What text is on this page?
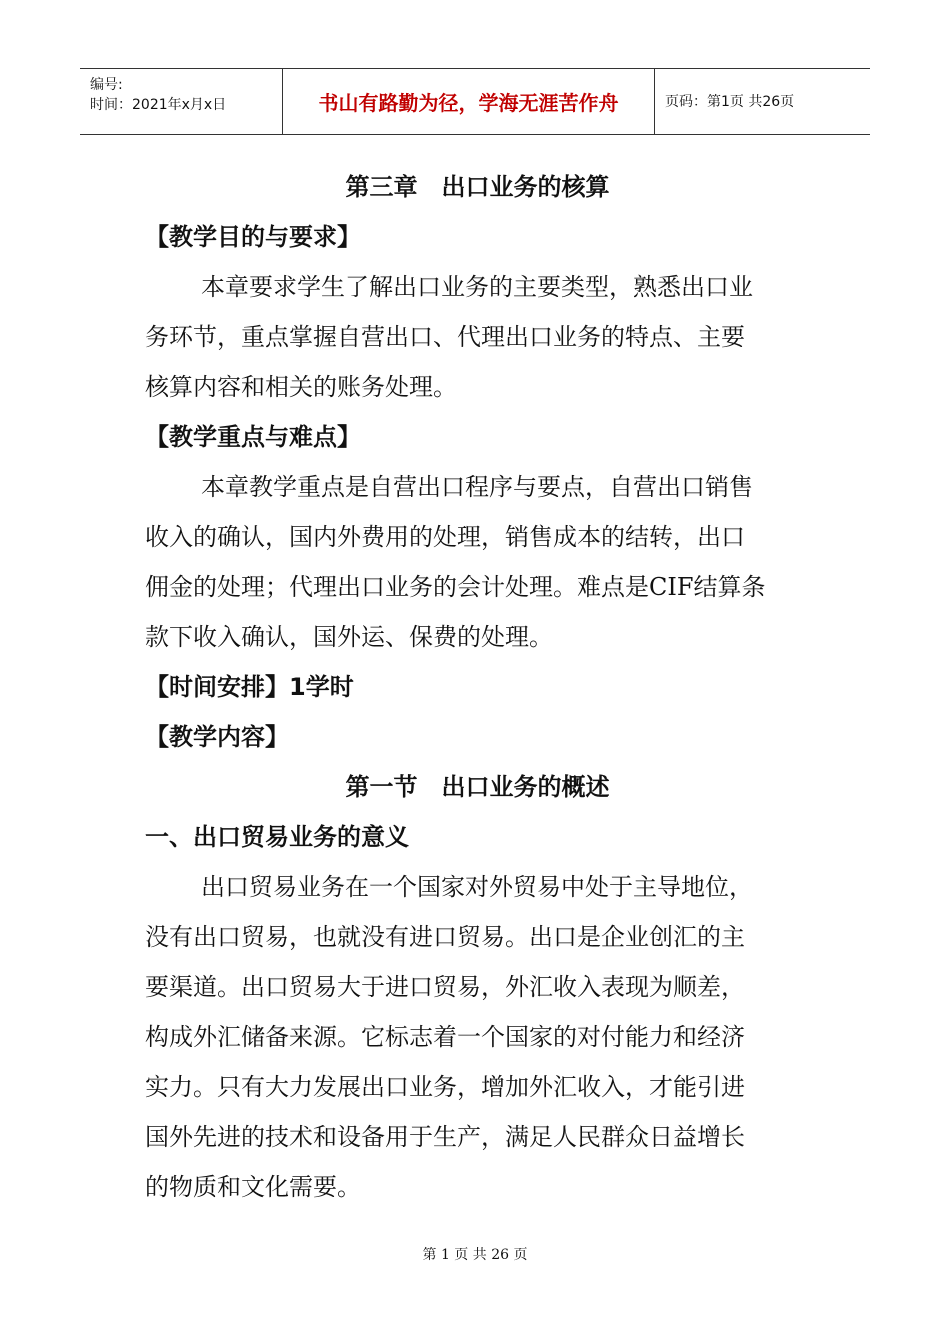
编号:
时间：2021年x月x日	书山有路勤为径，学海无涯苦作舟	页码：第1页 共26页
第三章　出口业务的核算
【教学目的与要求】
本章要求学生了解出口业务的主要类型，熟悉出口业
务环节，重点掌握自营出口、代理出口业务的特点、主要
核算内容和相关的账务处理。
【教学重点与难点】
本章教学重点是自营出口程序与要点，自营出口销售
收入的确认，国内外费用的处理，销售成本的结转，出口
佣金的处理；代理出口业务的会计处理。难点是CIF结算条
款下收入确认，国外运、保费的处理。
【时间安排】1学时
【教学内容】
第一节　出口业务的概述
一、出口贸易业务的意义
出口贸易业务在一个国家对外贸易中处于主导地位，
没有出口贸易，也就没有进口贸易。出口是企业创汇的主
要渠道。出口贸易大于进口贸易，外汇收入表现为顺差，
构成外汇储备来源。它标志着一个国家的对付能力和经济
实力。只有大力发展出口业务，增加外汇收入，才能引进
国外先进的技术和设备用于生产，满足人民群众日益增长
的物质和文化需要。
第 1 页 共 26 页
